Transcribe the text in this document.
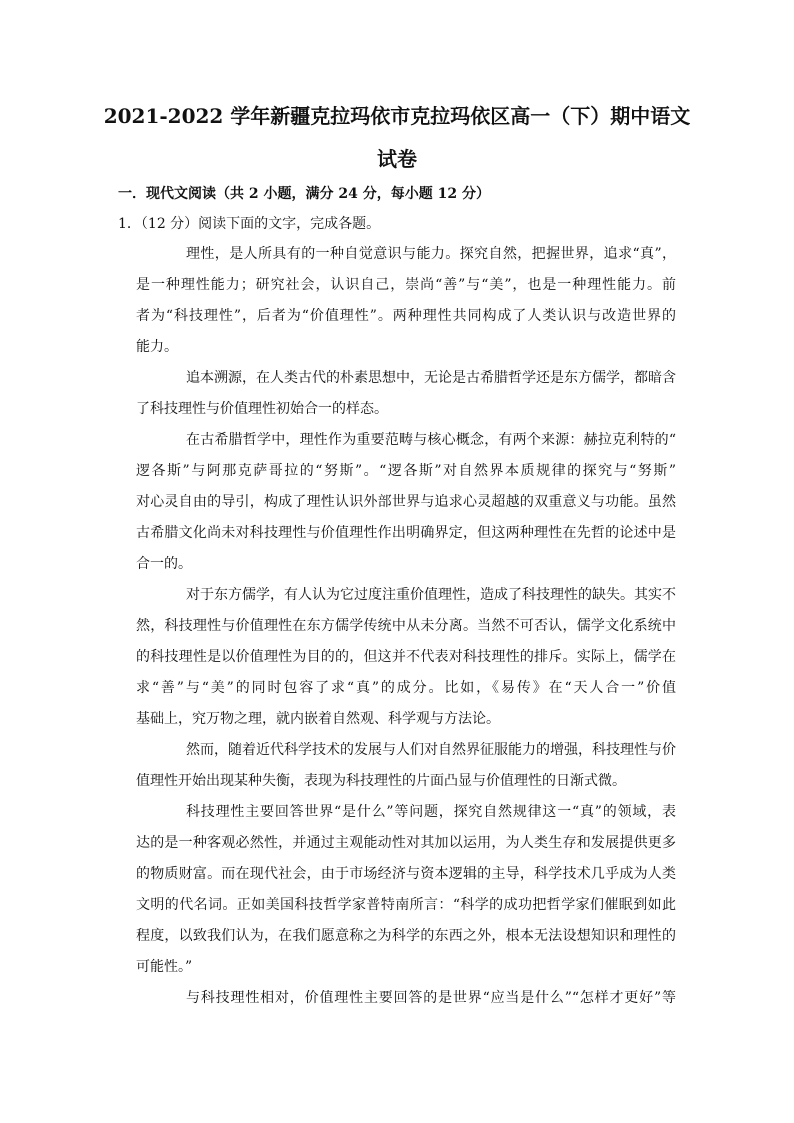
2021-2022 学年新疆克拉玛依市克拉玛依区高一（下）期中语文
试卷
一．现代文阅读（共 2 小题，满分 24 分，每小题 12 分）
1．（12 分）阅读下面的文字，完成各题。
理性，是人所具有的一种自觉意识与能力。探究自然，把握世界，追求“真”，
是一种理性能力；研究社会，认识自己，崇尚“善”与“美”，也是一种理性能力。前
者为“科技理性”，后者为“价值理性”。两种理性共同构成了人类认识与改造世界的
能力。
追本溯源，在人类古代的朴素思想中，无论是古希腊哲学还是东方儒学，都暗含
了科技理性与价值理性初始合一的样态。
在古希腊哲学中，理性作为重要范畴与核心概念，有两个来源：赫拉克利特的“
逻各斯”与阿那克萨哥拉的“努斯”。“逻各斯”对自然界本质规律的探究与“努斯”
对心灵自由的导引，构成了理性认识外部世界与追求心灵超越的双重意义与功能。虽然
古希腊文化尚未对科技理性与价值理性作出明确界定，但这两种理性在先哲的论述中是
合一的。
对于东方儒学，有人认为它过度注重价值理性，造成了科技理性的缺失。其实不
然，科技理性与价值理性在东方儒学传统中从未分离。当然不可否认，儒学文化系统中
的科技理性是以价值理性为目的的，但这并不代表对科技理性的排斥。实际上，儒学在
求“善”与“美”的同时包容了求“真”的成分。比如，《易传》在“天人合一”价值
基础上，究万物之理，就内嵌着自然观、科学观与方法论。
然而，随着近代科学技术的发展与人们对自然界征服能力的增强，科技理性与价
值理性开始出现某种失衡，表现为科技理性的片面凸显与价值理性的日渐式微。
科技理性主要回答世界“是什么”等问题，探究自然规律这一“真”的领域，表
达的是一种客观必然性，并通过主观能动性对其加以运用，为人类生存和发展提供更多
的物质财富。而在现代社会，由于市场经济与资本逻辑的主导，科学技术几乎成为人类
文明的代名词。正如美国科技哲学家普特南所言：“科学的成功把哲学家们催眠到如此
程度，以致我们认为，在我们愿意称之为科学的东西之外，根本无法设想知识和理性的
可能性。”
与科技理性相对，价值理性主要回答的是世界“应当是什么”“怎样才更好”等
